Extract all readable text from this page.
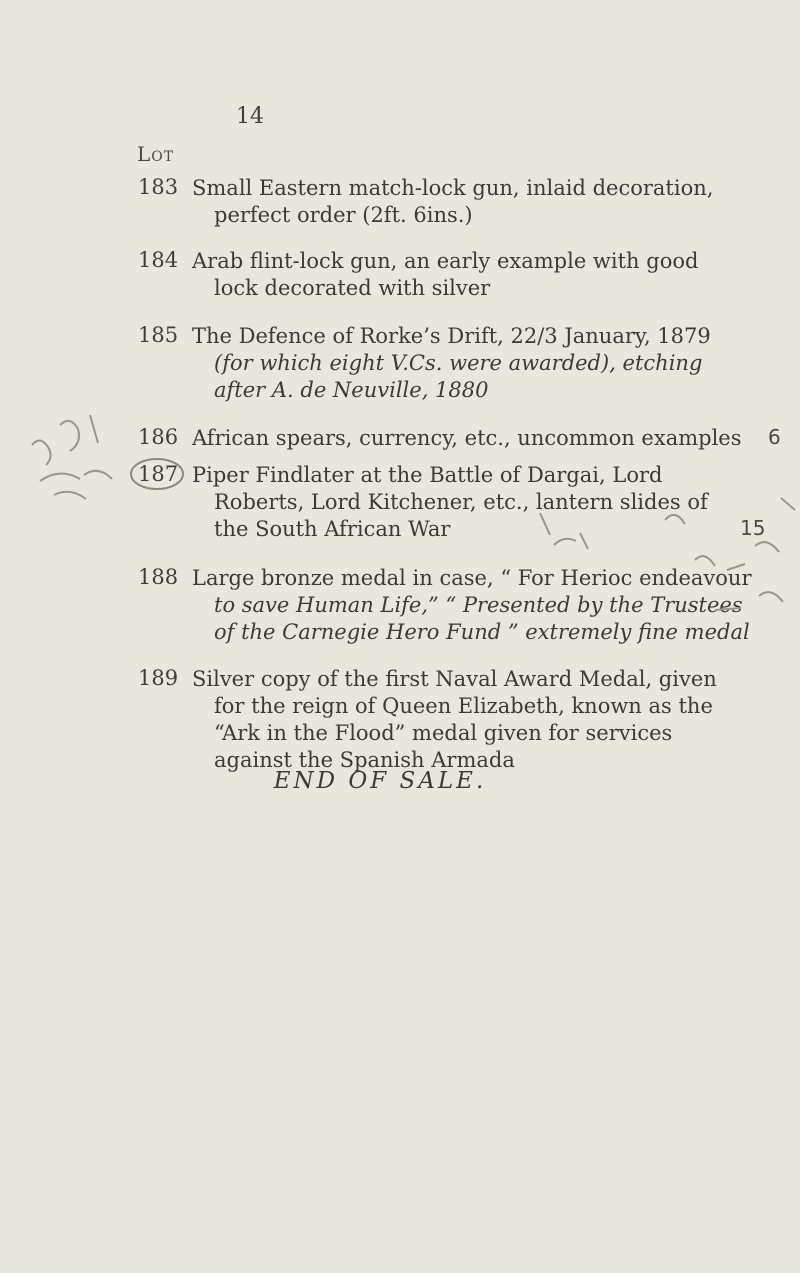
14
Lot
183 Small Eastern match-lock gun, inlaid decoration,
perfect order (2ft. 6ins.)
184 Arab flint-lock gun, an early example with good
lock decorated with silver
185 The Defence of Rorke’s Drift, 22/3 January, 1879
(for which eight V.Cs. were awarded), etching
after A. de Neuville, 1880
186 African spears, currency, etc., uncommon examples 6
187 Piper Findlater at the Battle of Dargai, Lord
Roberts, Lord Kitchener, etc., lantern slides of
the South African War	15
188 Large bronze medal in case, “ For Herioc endeavour
to save Human Life,” “ Presented by the Trustees
of the Carnegie Hero Fund ” extremely fine medal
189 Silver copy of the first Naval Award Medal, given
for the reign of Queen Elizabeth, known as the
“Ark in the Flood” medal given for services
against the Spanish Armada
END OF SALE.
